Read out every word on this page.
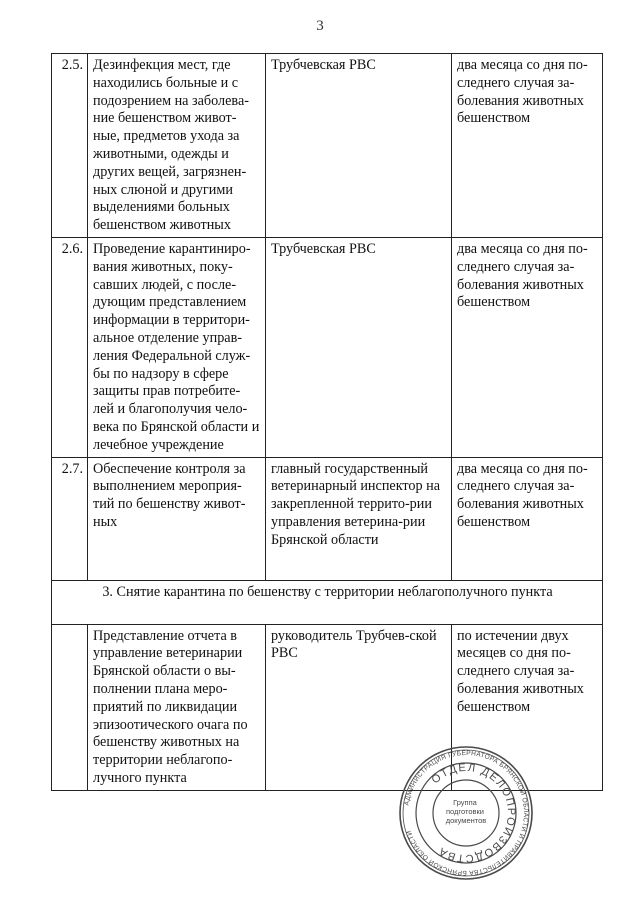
3
2.5.	Дезинфекция мест, где находились больные и с подозрением на заболева-ние бешенством живот-ные, предметов ухода за животными, одежды и других вещей, загрязнен-ных слюной и другими выделениями больных бешенством животных	Трубчевская РВС	два месяца со дня по-следнего случая за-болевания животных бешенством
2.6.	Проведение карантиниро-вания животных, поку-савших людей, с после-дующим представлением информации в территори-альное отделение управ-ления Федеральной служ-бы по надзору в сфере защиты прав потребите-лей и благополучия чело-века по Брянской области и лечебное учреждение	Трубчевская РВС	два месяца со дня по-следнего случая за-болевания животных бешенством
2.7.	Обеспечение контроля за выполнением мероприя-тий по бешенству живот-ных	главный государственный ветеринарный инспектор на закрепленной террито-рии управления ветерина-рии Брянской области	два месяца со дня по-следнего случая за-болевания животных бешенством
3. Снятие карантина по бешенству с территории неблагополучного пункта			
	Представление отчета в управление ветеринарии Брянской области о вы-полнении плана меро-приятий по ликвидации эпизоотического очага по бешенству животных на территории неблагопо-лучного пункта	руководитель Трубчев-ской РВС	по истечении двух месяцев со дня по-следнего случая за-болевания животных бешенством
АДМИНИСТРАЦИЯ ГУБЕРНАТОРА БРЯНСКОЙ ОБЛАСТИ И ПРАВИТЕЛЬСТВА БРЯНСКОЙ ОБЛАСТИ
ОТДЕЛ ДЕЛОПРОИЗВОДСТВА
Группа подготовки документов
